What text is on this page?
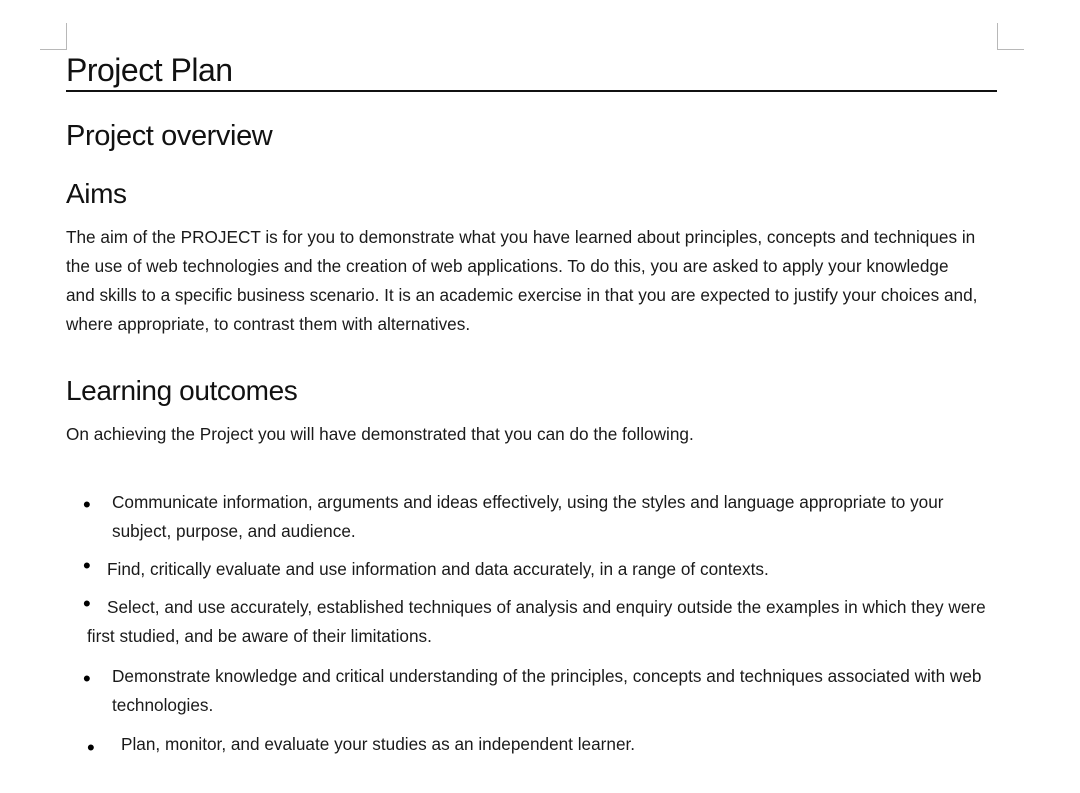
Project Plan
Project overview
Aims
The aim of the PROJECT is for you to demonstrate what you have learned about principles, concepts and techniques in the use of web technologies and the creation of web applications. To do this, you are asked to apply your knowledge and skills to a specific business scenario. It is an academic exercise in that you are expected to justify your choices and, where appropriate, to contrast them with alternatives.
Learning outcomes
On achieving the Project you will have demonstrated that you can do the following.
• Communicate information, arguments and ideas effectively, using the styles and language appropriate to your subject, purpose, and audience.
• Find, critically evaluate and use information and data accurately, in a range of contexts.
• Select, and use accurately, established techniques of analysis and enquiry outside the examples in which they were first studied, and be aware of their limitations.
• Demonstrate knowledge and critical understanding of the principles, concepts and techniques associated with web technologies.
• Plan, monitor, and evaluate your studies as an independent learner.
